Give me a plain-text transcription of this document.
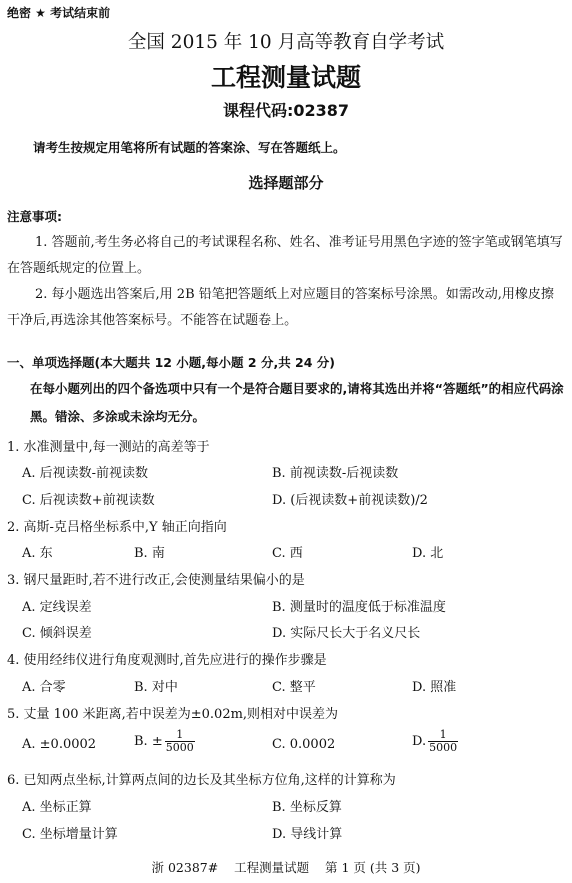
绝密 ★ 考试结束前
全国 2015 年 10 月高等教育自学考试
工程测量试题
课程代码:02387
请考生按规定用笔将所有试题的答案涂、写在答题纸上。
选择题部分
注意事项:
1. 答题前,考生务必将自己的考试课程名称、姓名、准考证号用黑色字迹的签字笔或钢笔填写在答题纸规定的位置上。
2. 每小题选出答案后,用 2B 铅笔把答题纸上对应题目的答案标号涂黑。如需改动,用橡皮擦干净后,再选涂其他答案标号。不能答在试题卷上。
一、单项选择题(本大题共 12 小题,每小题 2 分,共 24 分)
在每小题列出的四个备选项中只有一个是符合题目要求的,请将其选出并将“答题纸”的相应代码涂黑。错涂、多涂或未涂均无分。
1. 水准测量中,每一测站的高差等于
A. 后视读数-前视读数	B. 前视读数-后视读数
C. 后视读数+前视读数	D. (后视读数+前视读数)/2
2. 高斯-克吕格坐标系中,Y 轴正向指向
A. 东	B. 南	C. 西	D. 北
3. 钢尺量距时,若不进行改正,会使测量结果偏小的是
A. 定线误差	B. 测量时的温度低于标准温度
C. 倾斜误差	D. 实际尺长大于名义尺长
4. 使用经纬仪进行角度观测时,首先应进行的操作步骤是
A. 合零	B. 对中	C. 整平	D. 照准
5. 丈量 100 米距离,若中误差为±0.02m,则相对中误差为
A. ±0.0002	B. ± $\frac{1}{5000}$	C. 0.0002	D. $\frac{1}{5000}$
6. 已知两点坐标,计算两点间的边长及其坐标方位角,这样的计算称为
A. 坐标正算	B. 坐标反算
C. 坐标增量计算	D. 导线计算
浙 02387#    工程测量试题    第 1 页 (共 3 页)
